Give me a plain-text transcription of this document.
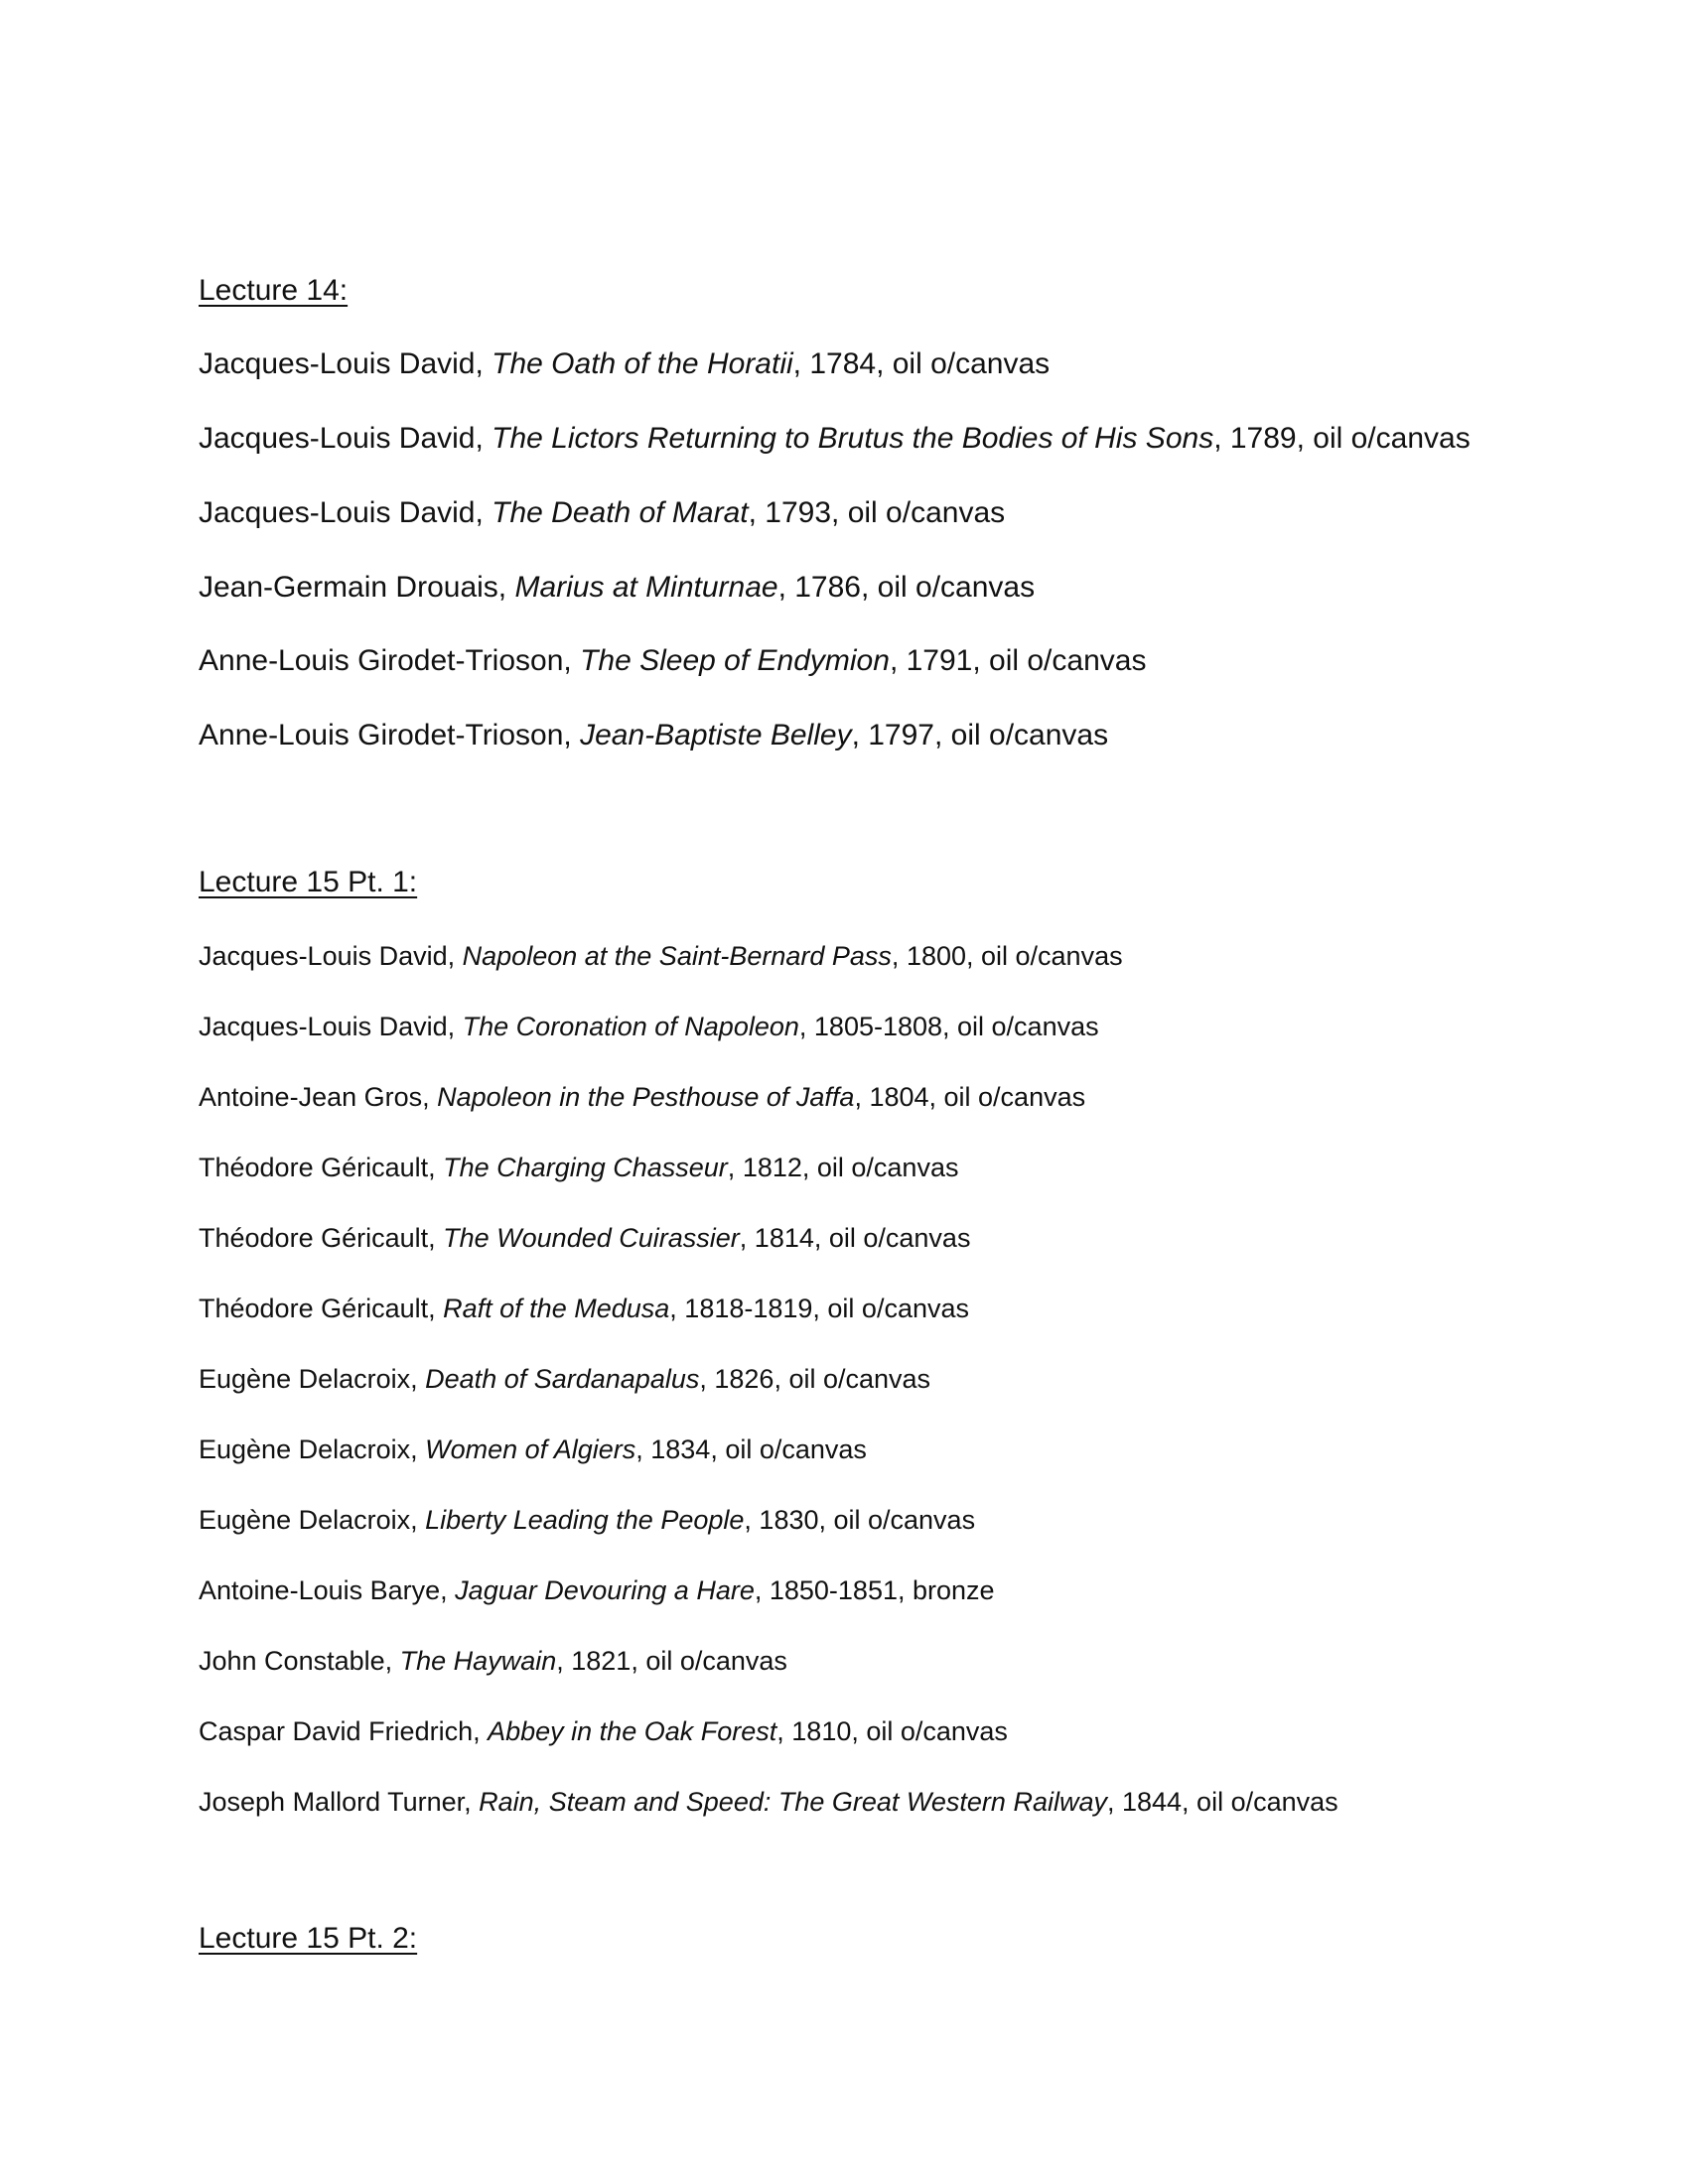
Lecture 14:

Jacques-Louis David, The Oath of the Horatii, 1784, oil o/canvas

Jacques-Louis David, The Lictors Returning to Brutus the Bodies of His Sons, 1789, oil o/canvas

Jacques-Louis David, The Death of Marat, 1793, oil o/canvas

Jean-Germain Drouais, Marius at Minturnae, 1786, oil o/canvas

Anne-Louis Girodet-Trioson, The Sleep of Endymion, 1791, oil o/canvas

Anne-Louis Girodet-Trioson, Jean-Baptiste Belley, 1797, oil o/canvas

Lecture 15 Pt. 1:

Jacques-Louis David, Napoleon at the Saint-Bernard Pass, 1800, oil o/canvas

Jacques-Louis David, The Coronation of Napoleon, 1805-1808, oil o/canvas

Antoine-Jean Gros, Napoleon in the Pesthouse of Jaffa, 1804, oil o/canvas

Théodore Géricault, The Charging Chasseur, 1812, oil o/canvas

Théodore Géricault, The Wounded Cuirassier, 1814, oil o/canvas

Théodore Géricault, Raft of the Medusa, 1818-1819, oil o/canvas

Eugène Delacroix, Death of Sardanapalus, 1826, oil o/canvas

Eugène Delacroix, Women of Algiers, 1834, oil o/canvas

Eugène Delacroix, Liberty Leading the People, 1830, oil o/canvas

Antoine-Louis Barye, Jaguar Devouring a Hare, 1850-1851, bronze

John Constable, The Haywain, 1821, oil o/canvas

Caspar David Friedrich, Abbey in the Oak Forest, 1810, oil o/canvas

Joseph Mallord Turner, Rain, Steam and Speed: The Great Western Railway, 1844, oil o/canvas

Lecture 15 Pt. 2:
